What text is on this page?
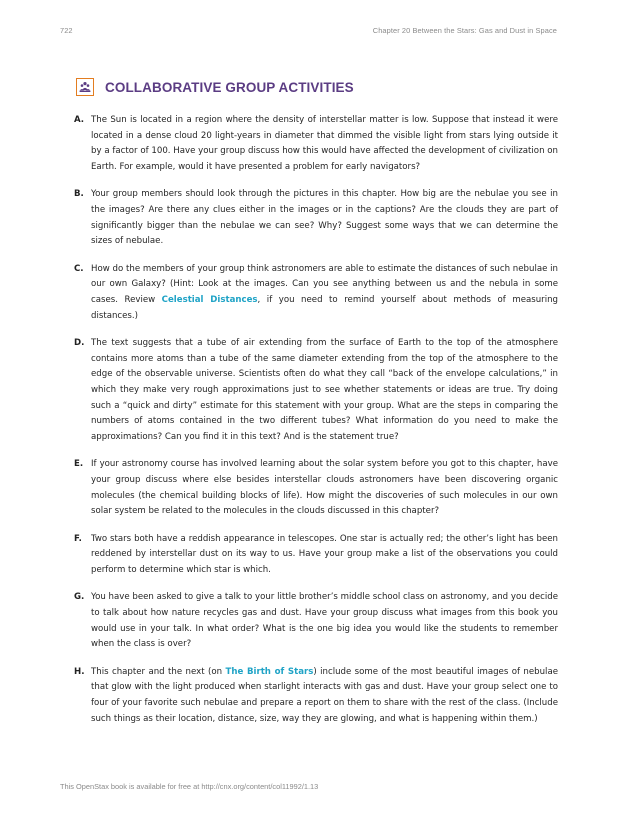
722	Chapter 20 Between the Stars: Gas and Dust in Space
COLLABORATIVE GROUP ACTIVITIES
A. The Sun is located in a region where the density of interstellar matter is low. Suppose that instead it were located in a dense cloud 20 light-years in diameter that dimmed the visible light from stars lying outside it by a factor of 100. Have your group discuss how this would have affected the development of civilization on Earth. For example, would it have presented a problem for early navigators?
B. Your group members should look through the pictures in this chapter. How big are the nebulae you see in the images? Are there any clues either in the images or in the captions? Are the clouds they are part of significantly bigger than the nebulae we can see? Why? Suggest some ways that we can determine the sizes of nebulae.
C. How do the members of your group think astronomers are able to estimate the distances of such nebulae in our own Galaxy? (Hint: Look at the images. Can you see anything between us and the nebula in some cases. Review Celestial Distances, if you need to remind yourself about methods of measuring distances.)
D. The text suggests that a tube of air extending from the surface of Earth to the top of the atmosphere contains more atoms than a tube of the same diameter extending from the top of the atmosphere to the edge of the observable universe. Scientists often do what they call “back of the envelope calculations,” in which they make very rough approximations just to see whether statements or ideas are true. Try doing such a “quick and dirty” estimate for this statement with your group. What are the steps in comparing the numbers of atoms contained in the two different tubes? What information do you need to make the approximations? Can you find it in this text? And is the statement true?
E. If your astronomy course has involved learning about the solar system before you got to this chapter, have your group discuss where else besides interstellar clouds astronomers have been discovering organic molecules (the chemical building blocks of life). How might the discoveries of such molecules in our own solar system be related to the molecules in the clouds discussed in this chapter?
F.	Two stars both have a reddish appearance in telescopes. One star is actually red; the other’s light has been reddened by interstellar dust on its way to us. Have your group make a list of the observations you could perform to determine which star is which.
G. You have been asked to give a talk to your little brother’s middle school class on astronomy, and you decide to talk about how nature recycles gas and dust. Have your group discuss what images from this book you would use in your talk. In what order? What is the one big idea you would like the students to remember when the class is over?
H. This chapter and the next (on The Birth of Stars) include some of the most beautiful images of nebulae that glow with the light produced when starlight interacts with gas and dust. Have your group select one to four of your favorite such nebulae and prepare a report on them to share with the rest of the class. (Include such things as their location, distance, size, way they are glowing, and what is happening within them.)
This OpenStax book is available for free at http://cnx.org/content/col11992/1.13
